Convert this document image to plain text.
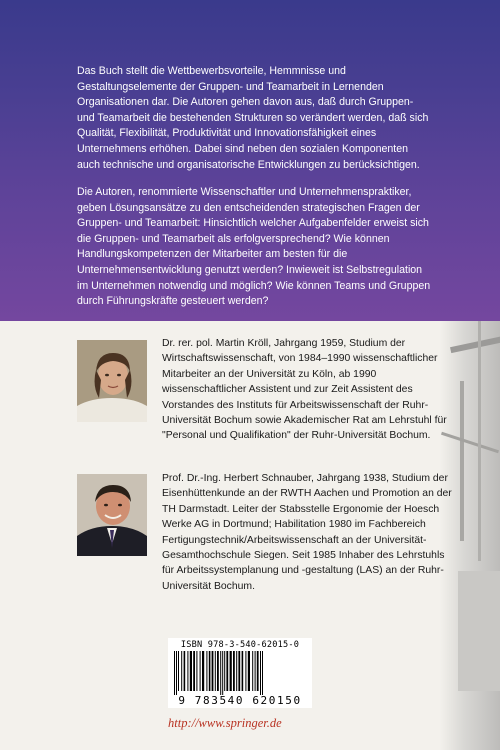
Das Buch stellt die Wettbewerbsvorteile, Hemmnisse und Gestaltungselemente der Gruppen- und Teamarbeit in Lernenden Organisationen dar. Die Autoren gehen davon aus, daß durch Gruppen- und Teamarbeit die bestehenden Strukturen so verändert werden, daß sich Qualität, Flexibilität, Produktivität und Innovationsfähigkeit eines Unternehmens erhöhen. Dabei sind neben den sozialen Komponenten auch technische und organisatorische Entwicklungen zu berücksichtigen.

Die Autoren, renommierte Wissenschaftler und Unternehmenspraktiker, geben Lösungsansätze zu den entscheidenden strategischen Fragen der Gruppen- und Teamarbeit: Hinsichtlich welcher Aufgabenfelder erweist sich die Gruppen- und Teamarbeit als erfolgversprechend? Wie können Handlungskompetenzen der Mitarbeiter am besten für die Unternehmensentwicklung genutzt werden? Inwieweit ist Selbstregulation im Unternehmen notwendig und möglich? Wie können Teams und Gruppen durch Führungskräfte gesteuert werden?

Dr. rer. pol. Martin Kröll, Jahrgang 1959, Studium der Wirtschaftswissenschaft, von 1984–1990 wissenschaftlicher Mitarbeiter an der Universität zu Köln, ab 1990 wissenschaftlicher Assistent und zur Zeit Assistent des Vorstandes des Instituts für Arbeitswissenschaft der Ruhr-Universität Bochum sowie Akademischer Rat am Lehrstuhl für "Personal und Qualifikation" der Ruhr-Universität Bochum.

Prof. Dr.-Ing. Herbert Schnauber, Jahrgang 1938, Studium der Eisenhüttenkunde an der RWTH Aachen und Promotion an der TH Darmstadt. Leiter der Stabsstelle Ergonomie der Hoesch Werke AG in Dortmund; Habilitation 1980 im Fachbereich Fertigungstechnik/Arbeitswissenschaft an der Universität-Gesamthochschule Siegen. Seit 1985 Inhaber des Lehrstuhls für Arbeitssystemplanung und -gestaltung (LAS) an der Ruhr-Universität Bochum.

ISBN 978-3-540-62015-0
9 783540 620150
http://www.springer.de
